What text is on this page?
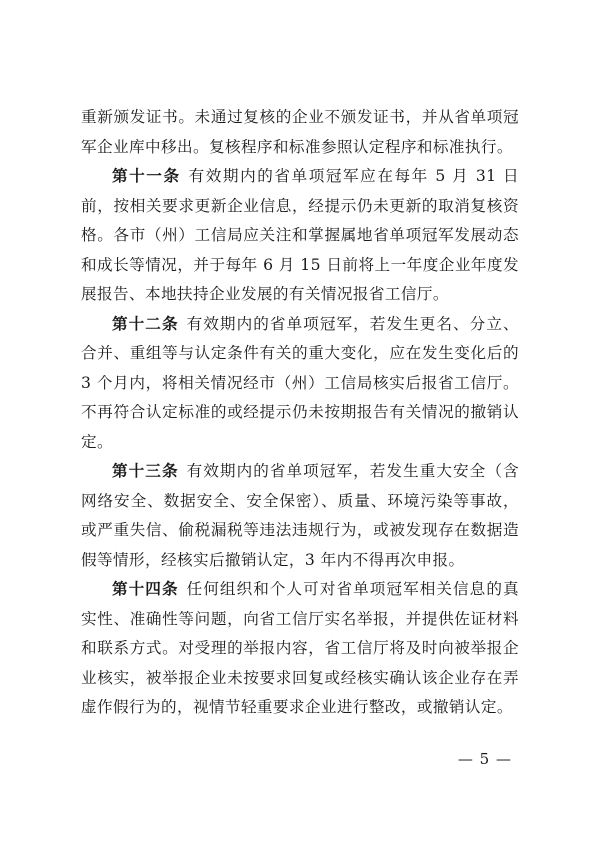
重新颁发证书。未通过复核的企业不颁发证书，并从省单项冠军企业库中移出。复核程序和标准参照认定程序和标准执行。

第十一条 有效期内的省单项冠军应在每年 5 月 31 日前，按相关要求更新企业信息，经提示仍未更新的取消复核资格。各市（州）工信局应关注和掌握属地省单项冠军发展动态和成长等情况，并于每年 6 月 15 日前将上一年度企业年度发展报告、本地扶持企业发展的有关情况报省工信厅。

第十二条 有效期内的省单项冠军，若发生更名、分立、合并、重组等与认定条件有关的重大变化，应在发生变化后的 3 个月内，将相关情况经市（州）工信局核实后报省工信厅。不再符合认定标准的或经提示仍未按期报告有关情况的撤销认定。

第十三条 有效期内的省单项冠军，若发生重大安全（含网络安全、数据安全、安全保密）、质量、环境污染等事故，或严重失信、偷税漏税等违法违规行为，或被发现存在数据造假等情形，经核实后撤销认定，3 年内不得再次申报。

第十四条 任何组织和个人可对省单项冠军相关信息的真实性、准确性等问题，向省工信厅实名举报，并提供佐证材料和联系方式。对受理的举报内容，省工信厅将及时向被举报企业核实，被举报企业未按要求回复或经核实确认该企业存在弄虚作假行为的，视情节轻重要求企业进行整改，或撤销认定。

— 5 —
